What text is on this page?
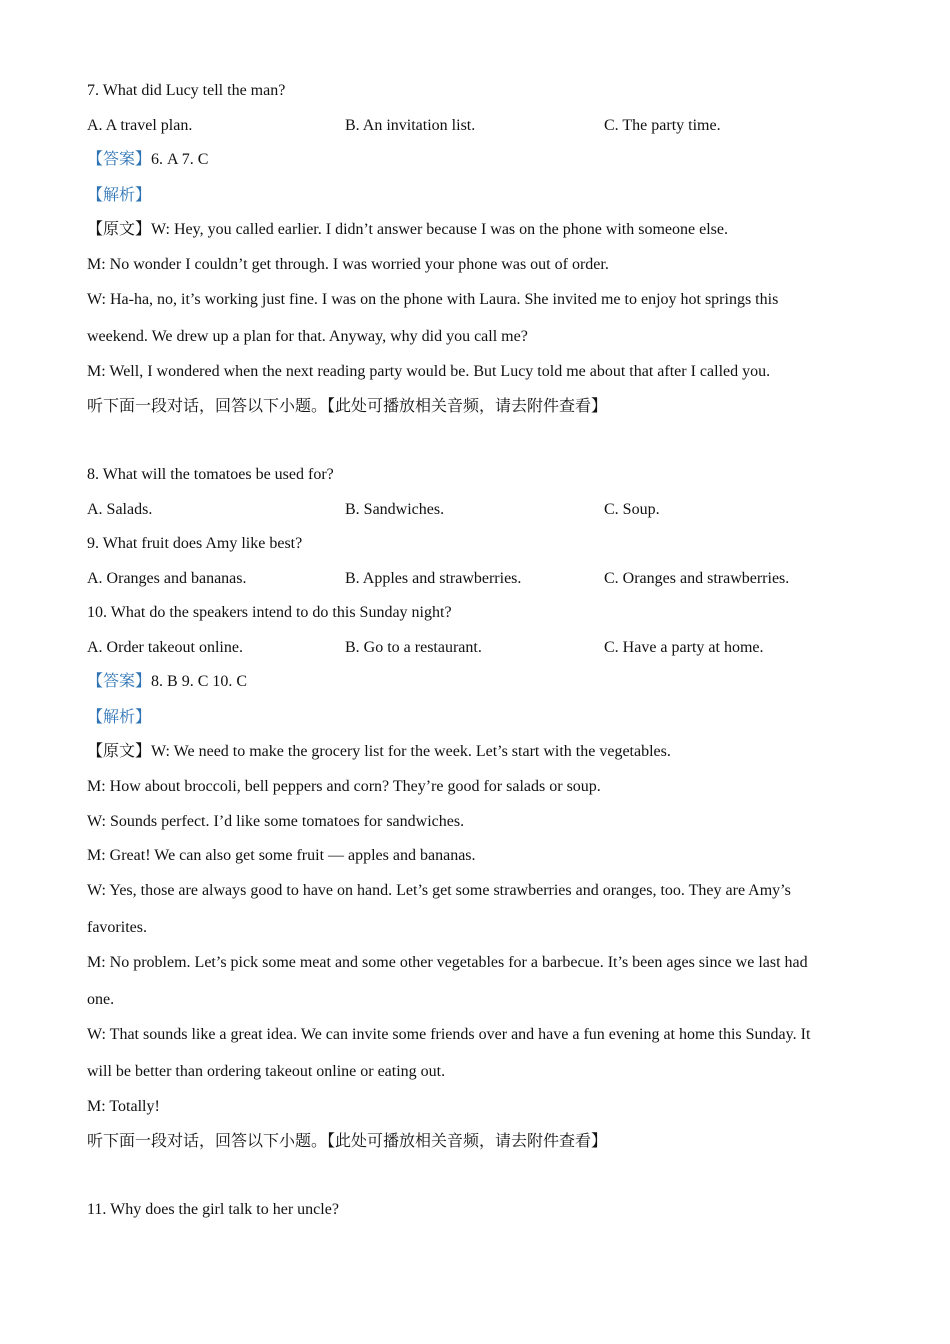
7. What did Lucy tell the man?
A. A travel plan.	B. An invitation list.	C. The party time.
【答案】6. A 7. C
【解析】
【原文】W: Hey, you called earlier. I didn’t answer because I was on the phone with someone else.
M: No wonder I couldn’t get through. I was worried your phone was out of order.
W: Ha-ha, no, it’s working just fine. I was on the phone with Laura. She invited me to enjoy hot springs this
weekend. We drew up a plan for that. Anyway, why did you call me?
M: Well, I wondered when the next reading party would be. But Lucy told me about that after I called you.
听下面一段对话，回答以下小题。【此处可播放相关音频，请去附件查看】
8. What will the tomatoes be used for?
A. Salads.	B. Sandwiches.	C. Soup.
9. What fruit does Amy like best?
A. Oranges and bananas.	B. Apples and strawberries.	C. Oranges and strawberries.
10. What do the speakers intend to do this Sunday night?
A. Order takeout online.	B. Go to a restaurant.	C. Have a party at home.
【答案】8. B 9. C 10. C
【解析】
【原文】W: We need to make the grocery list for the week. Let’s start with the vegetables.
M: How about broccoli, bell peppers and corn? They’re good for salads or soup.
W: Sounds perfect. I’d like some tomatoes for sandwiches.
M: Great! We can also get some fruit — apples and bananas.
W: Yes, those are always good to have on hand. Let’s get some strawberries and oranges, too. They are Amy’s
favorites.
M: No problem. Let’s pick some meat and some other vegetables for a barbecue. It’s been ages since we last had
one.
W: That sounds like a great idea. We can invite some friends over and have a fun evening at home this Sunday. It
will be better than ordering takeout online or eating out.
M: Totally!
听下面一段对话，回答以下小题。【此处可播放相关音频，请去附件查看】
11. Why does the girl talk to her uncle?
